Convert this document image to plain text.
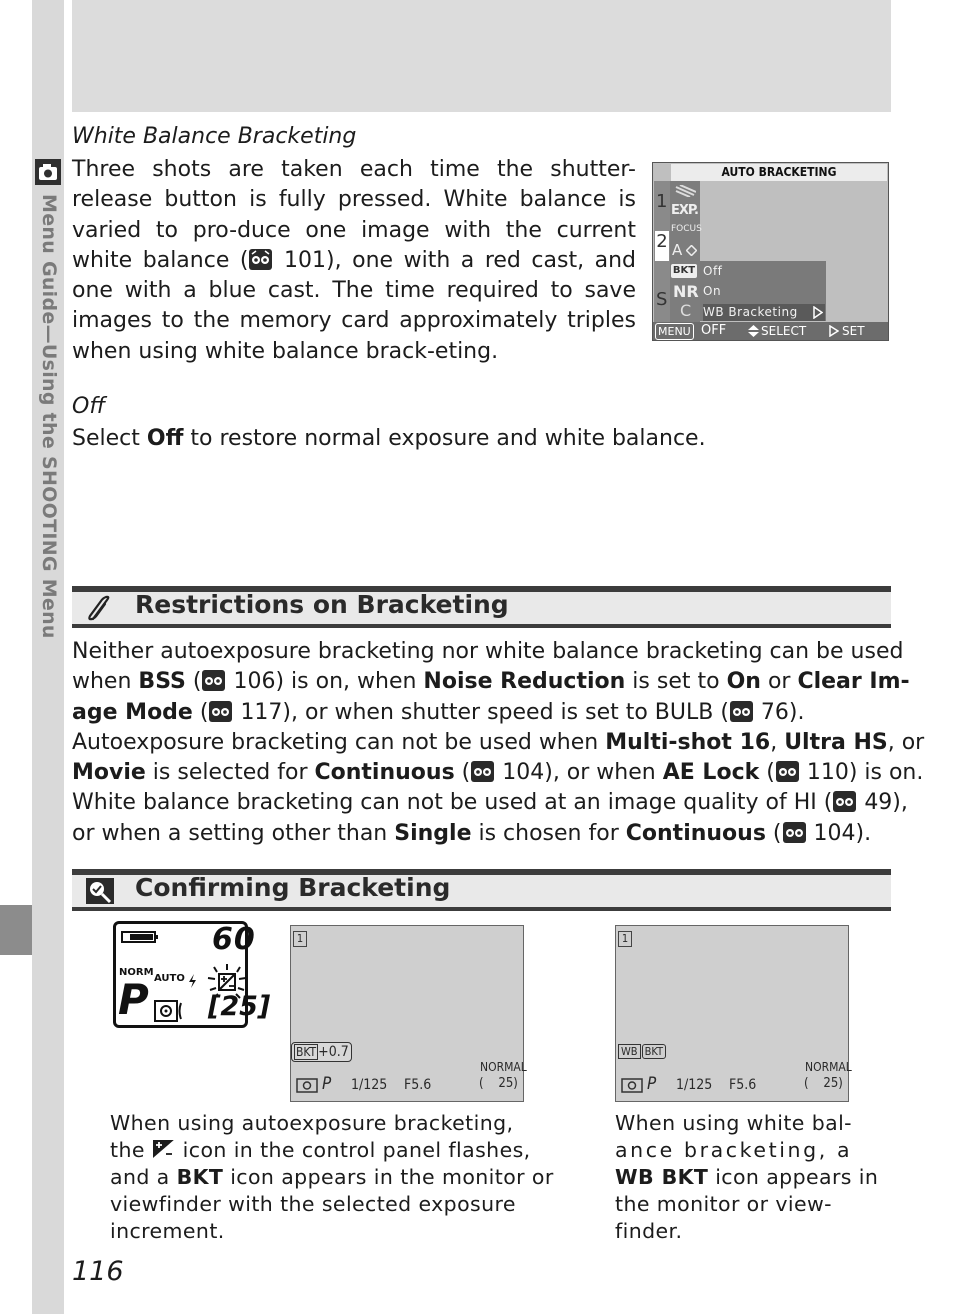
Menu Guide—Using the SHOOTING Menu
White Balance Bracketing
Three shots are taken each time the shutter-release button is fully pressed. White balance is varied to pro-duce one image with the current white balance ( 101), one with a red cast, and one with a blue cast. The time required to save images to the memory card approximately triples when using white balance brack-eting.
AUTO BRACKETING
1
2
S
EXP.
FOCUS
A
BKT
NR
C
Off
On
WB Bracketing
MENU OFF	SELECT	SET
Off
Select Off to restore normal exposure and white balance.
Restrictions on Bracketing
Neither autoexposure bracketing nor white balance bracketing can be used
when BSS ( 106) is on, when Noise Reduction is set to On or Clear Im-
age Mode ( 117), or when shutter speed is set to BULB ( 76).
Autoexposure bracketing can not be used when Multi-shot 16, Ultra HS, or
Movie is selected for Continuous ( 104), or when AE Lock ( 110) is on.
White balance bracketing can not be used at an image quality of HI ( 49),
or when a setting other than Single is chosen for Continuous ( 104).
Confirming Bracketing
60
NORM
AUTO
P [25]
1
BKT +0.7
P 1/125 F5.6
NORMAL
(    25)
1
WB BKT
P 1/125 F5.6
NORMAL
(    25)
When using autoexposure bracketing,
the  icon in the control panel flashes,
and a BKT icon appears in the monitor or
viewfinder with the selected exposure
increment.
When using white bal-
ance bracketing, a
WB BKT icon appears in
the monitor or view-
finder.
116
